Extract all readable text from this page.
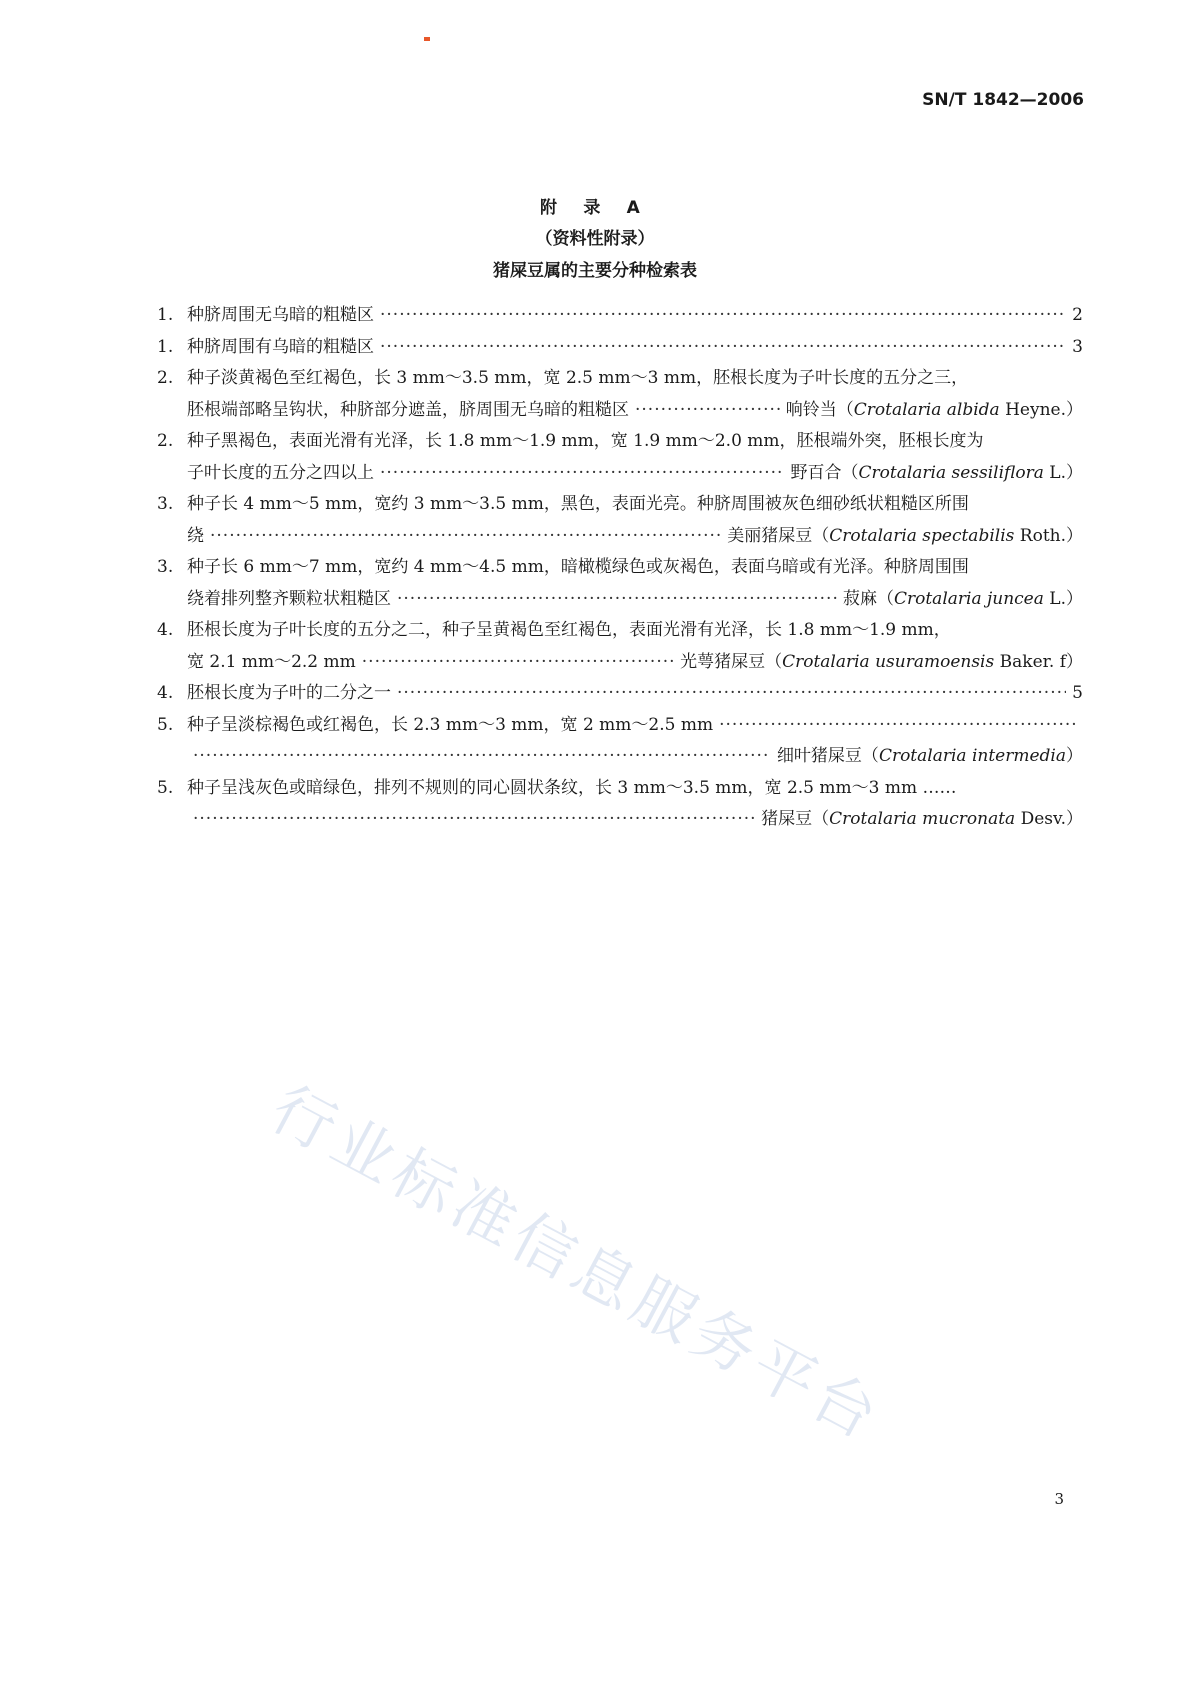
SN/T 1842—2006
附 录 A
（资料性附录）
猪屎豆属的主要分种检索表
1. 种脐周围无乌暗的粗糙区 ·····	2
1. 种脐周围有乌暗的粗糙区 ·····	3
2. 种子淡黄褐色至红褐色，长 3 mm～3.5 mm，宽 2.5 mm～3 mm，胚根长度为子叶长度的五分之三，
胚根端部略呈钩状，种脐部分遮盖，脐周围无乌暗的粗糙区 ·····	响铃当（Crotalaria albida Heyne.）
2. 种子黑褐色，表面光滑有光泽，长 1.8 mm～1.9 mm，宽 1.9 mm～2.0 mm，胚根端外突，胚根长度为
子叶长度的五分之四以上 ·····	野百合（Crotalaria sessiliflora L.）
3. 种子长 4 mm～5 mm，宽约 3 mm～3.5 mm，黑色，表面光亮。种脐周围被灰色细砂纸状粗糙区所围
绕 ·····	美丽猪屎豆（Crotalaria spectabilis Roth.）
3. 种子长 6 mm～7 mm，宽约 4 mm～4.5 mm，暗橄榄绿色或灰褐色，表面乌暗或有光泽。种脐周围围
绕着排列整齐颗粒状粗糙区 ·····	菽麻（Crotalaria juncea L.）
4. 胚根长度为子叶长度的五分之二，种子呈黄褐色至红褐色，表面光滑有光泽，长 1.8 mm～1.9 mm，
宽 2.1 mm～2.2 mm ·····	光萼猪屎豆（Crotalaria usuramoensis Baker. f）
4. 胚根长度为子叶的二分之一 ·····	5
5. 种子呈淡棕褐色或红褐色，长 2.3 mm～3 mm，宽 2 mm～2.5 mm
·····
·····
细叶猪屎豆（Crotalaria intermedia）
5. 种子呈浅灰色或暗绿色，排列不规则的同心圆状条纹，长 3 mm～3.5 mm，宽 2.5 mm～3 mm ……
·····
猪屎豆（Crotalaria mucronata Desv.）
行业标准信息服务平台
3
